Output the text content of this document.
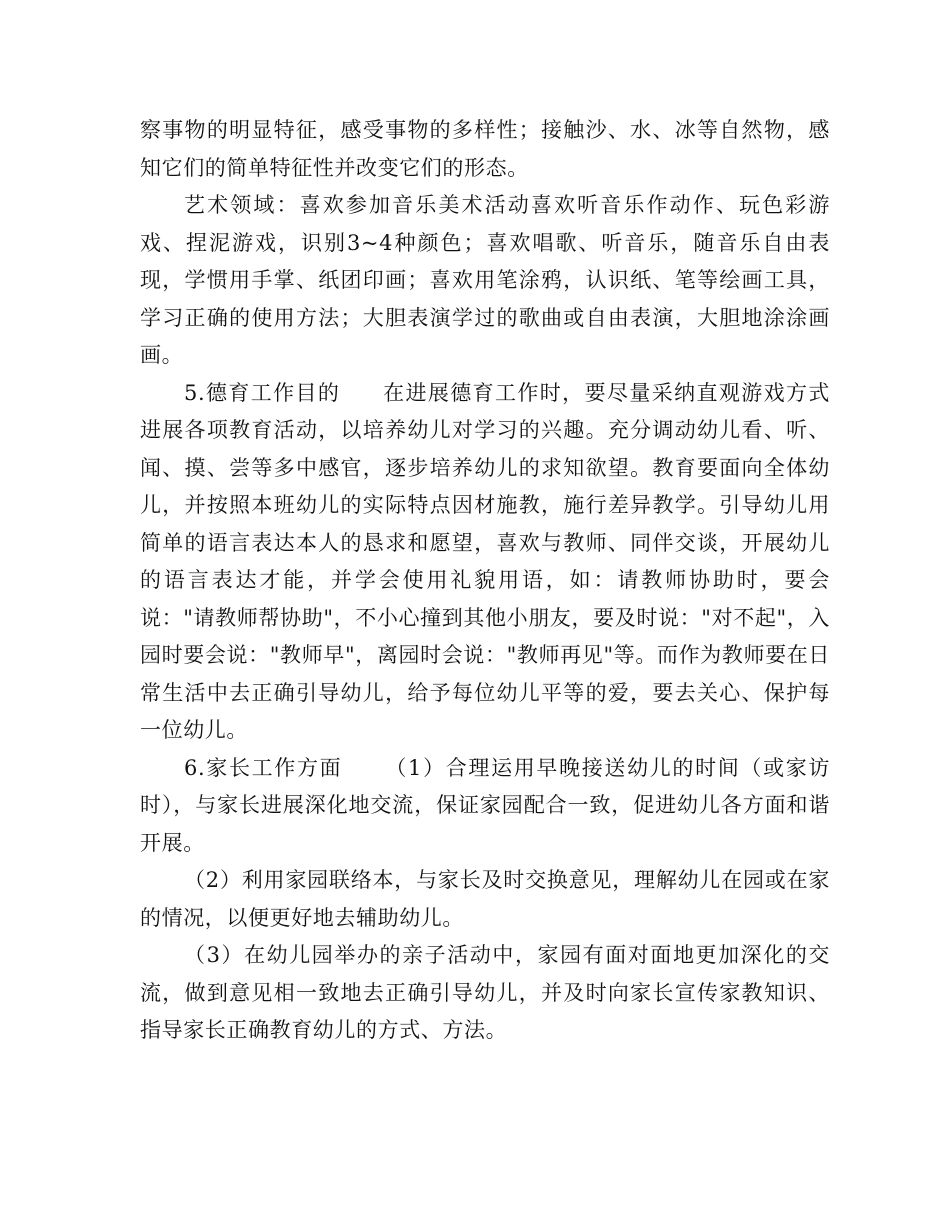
察事物的明显特征，感受事物的多样性；接触沙、水、冰等自然物，感知它们的简单特征性并改变它们的形态。

艺术领域：喜欢参加音乐美术活动喜欢听音乐作动作、玩色彩游戏、捏泥游戏，识别3~4种颜色；喜欢唱歌、听音乐，随音乐自由表现，学惯用手掌、纸团印画；喜欢用笔涂鸦，认识纸、笔等绘画工具，学习正确的使用方法；大胆表演学过的歌曲或自由表演，大胆地涂涂画画。

5.德育工作目的 在进展德育工作时，要尽量采纳直观游戏方式进展各项教育活动，以培养幼儿对学习的兴趣。充分调动幼儿看、听、闻、摸、尝等多中感官，逐步培养幼儿的求知欲望。教育要面向全体幼儿，并按照本班幼儿的实际特点因材施教，施行差异教学。引导幼儿用简单的语言表达本人的恳求和愿望，喜欢与教师、同伴交谈，开展幼儿的语言表达才能，并学会使用礼貌用语，如：请教师协助时，要会说："请教师帮协助"，不小心撞到其他小朋友，要及时说："对不起"，入园时要会说："教师早"，离园时会说："教师再见"等。而作为教师要在日常生活中去正确引导幼儿，给予每位幼儿平等的爱，要去关心、保护每一位幼儿。

6.家长工作方面 （1）合理运用早晚接送幼儿的时间（或家访时），与家长进展深化地交流，保证家园配合一致，促进幼儿各方面和谐开展。

（2）利用家园联络本，与家长及时交换意见，理解幼儿在园或在家的情况，以便更好地去辅助幼儿。

（3）在幼儿园举办的亲子活动中，家园有面对面地更加深化的交流，做到意见相一致地去正确引导幼儿，并及时向家长宣传家教知识、指导家长正确教育幼儿的方式、方法。
